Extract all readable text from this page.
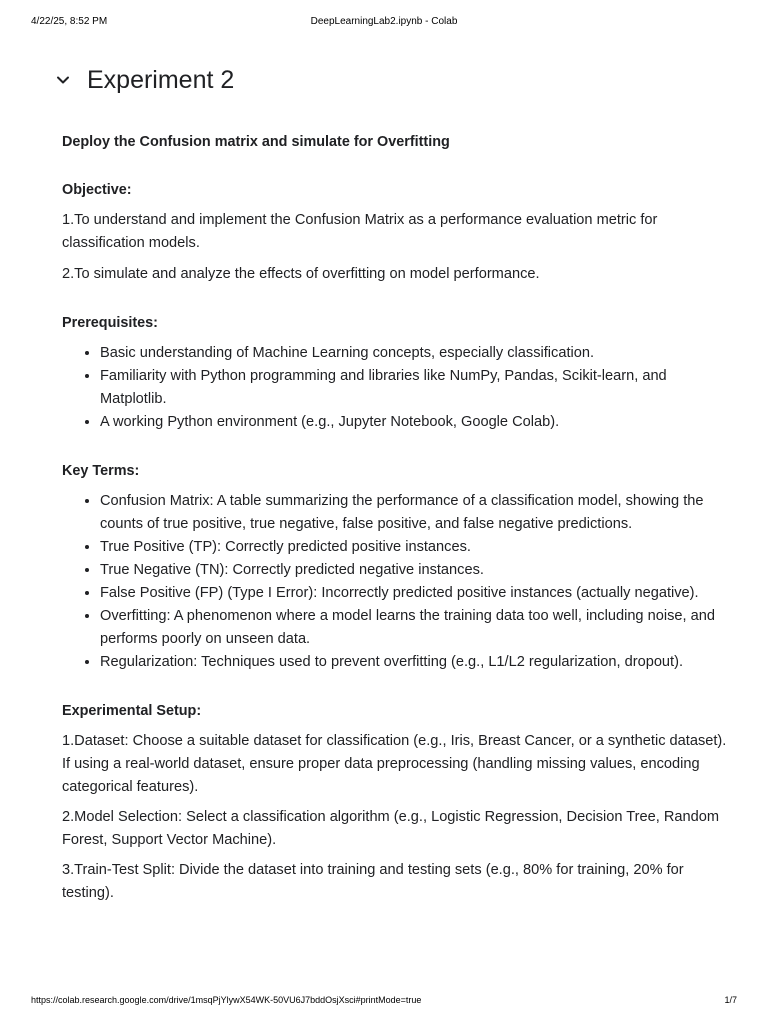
4/22/25, 8:52 PM	DeepLearningLab2.ipynb - Colab
Experiment 2

Deploy the Confusion matrix and simulate for Overfitting

Objective:

1.To understand and implement the Confusion Matrix as a performance evaluation metric for classification models.

2.To simulate and analyze the effects of overfitting on model performance.

Prerequisites:

• Basic understanding of Machine Learning concepts, especially classification.
• Familiarity with Python programming and libraries like NumPy, Pandas, Scikit-learn, and Matplotlib.
• A working Python environment (e.g., Jupyter Notebook, Google Colab).

Key Terms:

• Confusion Matrix: A table summarizing the performance of a classification model, showing the counts of true positive, true negative, false positive, and false negative predictions.
• True Positive (TP): Correctly predicted positive instances.
• True Negative (TN): Correctly predicted negative instances.
• False Positive (FP) (Type I Error): Incorrectly predicted positive instances (actually negative).
• Overfitting: A phenomenon where a model learns the training data too well, including noise, and performs poorly on unseen data.
• Regularization: Techniques used to prevent overfitting (e.g., L1/L2 regularization, dropout).

Experimental Setup:

1.Dataset: Choose a suitable dataset for classification (e.g., Iris, Breast Cancer, or a synthetic dataset). If using a real-world dataset, ensure proper data preprocessing (handling missing values, encoding categorical features).

2.Model Selection: Select a classification algorithm (e.g., Logistic Regression, Decision Tree, Random Forest, Support Vector Machine).

3.Train-Test Split: Divide the dataset into training and testing sets (e.g., 80% for training, 20% for testing).

https://colab.research.google.com/drive/1msqPjYlywX54WK-50VU6J7bddOsjXsci#printMode=true	1/7
